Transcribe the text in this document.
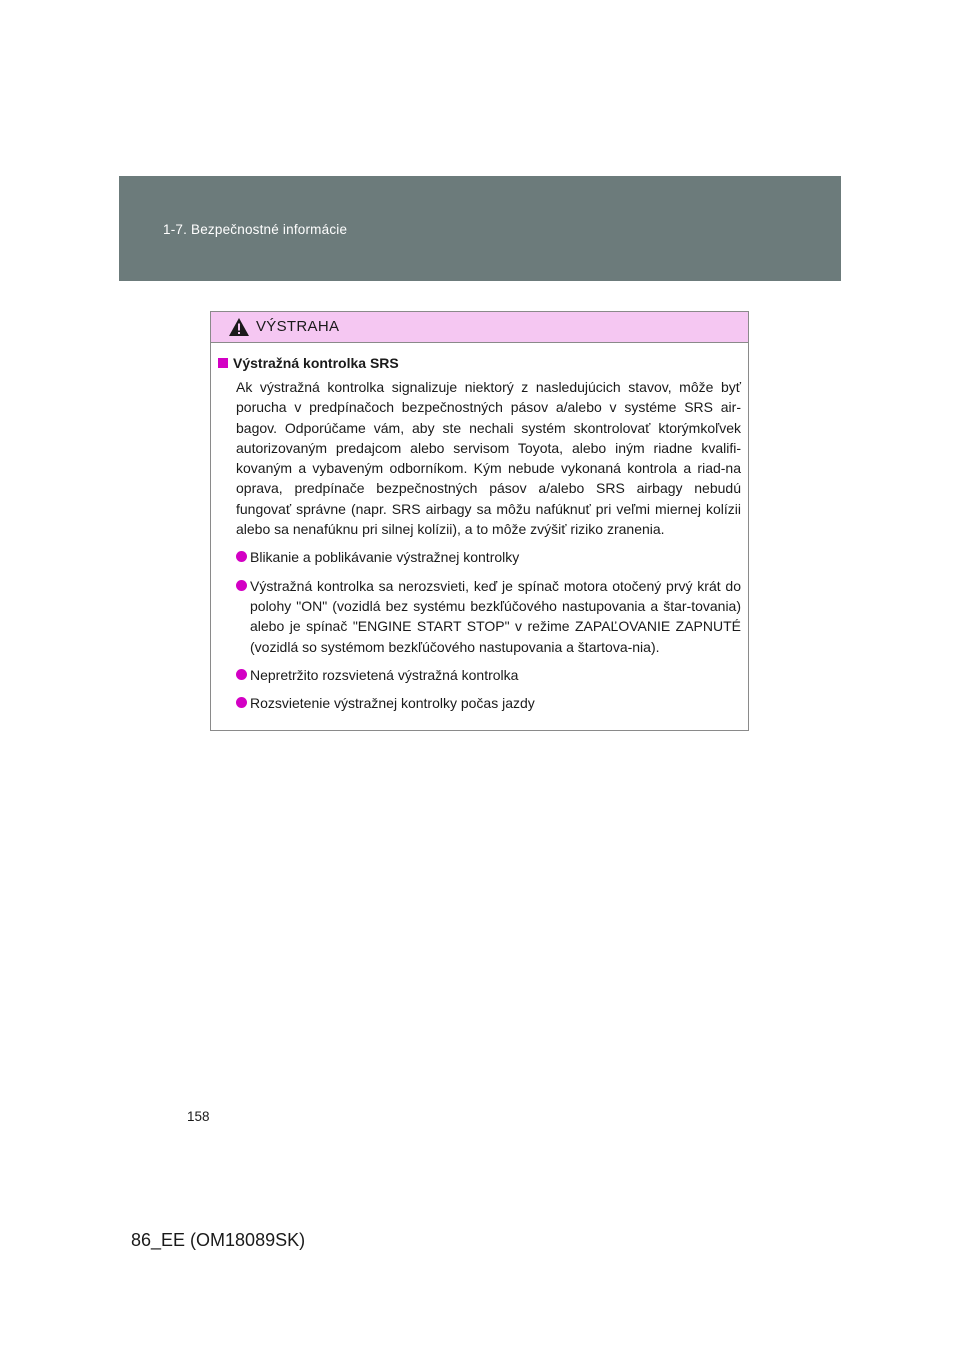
1-7. Bezpečnostné informácie
VÝSTRAHA
Výstražná kontrolka SRS

Ak výstražná kontrolka signalizuje niektorý z nasledujúcich stavov, môže byť porucha v predpínačoch bezpečnostných pásov a/alebo v systéme SRS air-bagov. Odporúčame vám, aby ste nechali systém skontrolovať ktorýmkoľvek autorizovaným predajcom alebo servisom Toyota, alebo iným riadne kvalifi-kovaným a vybaveným odborníkom. Kým nebude vykonaná kontrola a riad-na oprava, predpínače bezpečnostných pásov a/alebo SRS airbagy nebudú fungovať správne (napr. SRS airbagy sa môžu nafúknuť pri veľmi miernej kolízii alebo sa nenafúknu pri silnej kolízii), a to môže zvýšiť riziko zranenia.

Blikanie a poblikávanie výstražnej kontrolky
Výstražná kontrolka sa nerozsvieti, keď je spínač motora otočený prvý krát do polohy "ON" (vozidlá bez systému bezkľúčového nastupovania a štar-tovania) alebo je spínač "ENGINE START STOP" v režime ZAPAĽOVANIE ZAPNUTÉ (vozidlá so systémom bezkľúčového nastupovania a štartova-nia).
Nepretržito rozsvietená výstražná kontrolka
Rozsvietenie výstražnej kontrolky počas jazdy
158
86_EE (OM18089SK)
